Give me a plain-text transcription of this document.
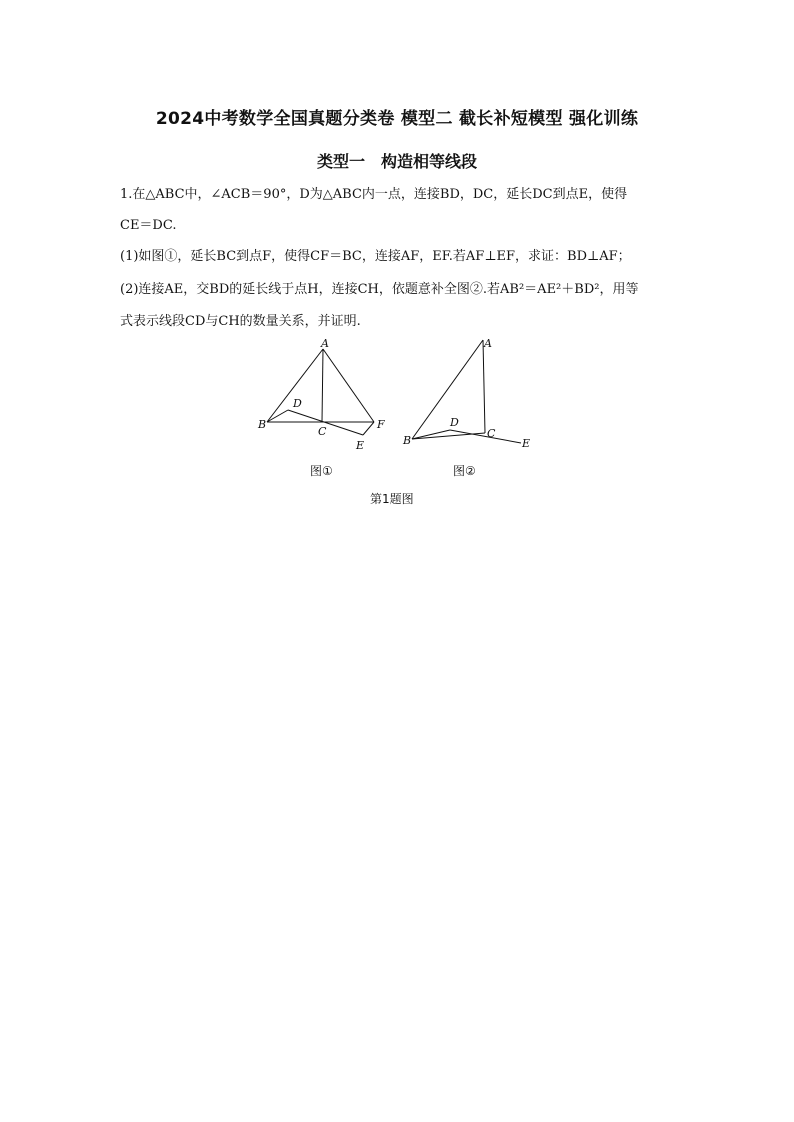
2024中考数学全国真题分类卷 模型二 截长补短模型 强化训练
类型一　构造相等线段
1.在△ABC中，∠ACB＝90°，D为△ABC内一点，连接BD，DC，延长DC到点E，使得
CE＝DC.
(1)如图①，延长BC到点F，使得CF＝BC，连接AF，EF.若AF⊥EF，求证：BD⊥AF；
(2)连接AE，交BD的延长线于点H，连接CH，依题意补全图②.若AB²＝AE²＋BD²，用等
式表示线段CD与CH的数量关系，并证明.
A
B
C
D
E
F
A
B
C
D
E
图①	图②
第1题图
